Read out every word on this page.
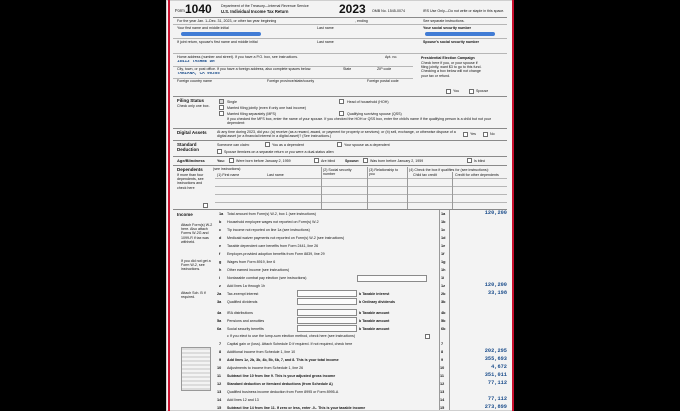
Form 1040	Department of the Treasury—Internal Revenue Service
U.S. Individual Income Tax Return	2023 OMB No. 1545-0074	IRS Use Only—Do not write or staple in this space.
For the year Jan. 1–Dec. 31, 2023, or other tax year beginning	, ending	See separate instructions.
Your first name and middle initial	Last name	Your social security number
If joint return, spouse's first name and middle initial	Last name	Spouse's social security number
Home address (number and street). If you have a P.O. box, see instructions.	Apt. no.
18413 TASHNE DR
City, town, or post office. If you have a foreign address, also complete spaces below.	State	ZIP code
TARZANA, CA 90355
Foreign country name	Foreign province/state/county	Foreign postal code
Presidential Election Campaign
Check here if you, or your spouse if filing jointly, want $3 to go to this fund. Checking a box below will not change your tax or refund.
You	Spouse
Filing Status
Check only one box.
Single
Married filing jointly (even if only one had income)
Married filing separately (MFS)
Head of household (HOH)
Qualifying surviving spouse (QSS)
If you checked the MFS box, enter the name of your spouse. If you checked the HOH or QSS box, enter the child's name if the qualifying person is a child but not your dependent:
Digital Assets	At any time during 2023, did you: (a) receive (as a reward, award, or payment for property or services); or (b) sell, exchange, or otherwise dispose of a digital asset (or a financial interest in a digital asset)? (See instructions.)
Yes	No
Standard Deduction
Someone can claim:	You as a dependent	Your spouse as a dependent
Spouse itemizes on a separate return or you were a dual-status alien
Age/Blindness	You:	Were born before January 2, 1959	Are blind	Spouse:	Was born before January 2, 1959	Is blind
Dependents	(see instructions):
If more than four dependents, see instructions and check here
(1) First name	Last name
(2) Social security number
(3) Relationship to you
(4) Check the box if qualifies for (see instructions):
Child tax credit	Credit for other dependents
Income
Attach Form(s) W-2 here. Also attach Forms W-2G and 1099-R if tax was withheld.
If you did not get a Form W-2, see instructions.
Attach Sch. B if required.
1a Total amount from Form(s) W-2, box 1 (see instructions)	1a	120,200
b Household employee wages not reported on Form(s) W-2	1b
c Tip income not reported on line 1a (see instructions)	1c
d Medicaid waiver payments not reported on Form(s) W-2 (see instructions)	1d
e Taxable dependent care benefits from Form 2441, line 26	1e
f Employer-provided adoption benefits from Form 8839, line 29	1f
g Wages from Form 8919, line 6	1g
h Other earned income (see instructions)	1h
i Nontaxable combat pay election (see instructions)	1i
z Add lines 1a through 1h	1z	120,200
2a Tax-exempt interest	b Taxable interest	2b	33,198
3a Qualified dividends	b Ordinary dividends	3b
4a IRA distributions	b Taxable amount	4b
5a Pensions and annuities	b Taxable amount	5b
6a Social security benefits	b Taxable amount	6b
c If you elect to use the lump-sum election method, check here (see instructions)
7 Capital gain or (loss). Attach Schedule D if required. If not required, check here	7
8 Additional income from Schedule 1, line 10	8	202,295
9 Add lines 1z, 2b, 3b, 4b, 5b, 6b, 7, and 8. This is your total income	9	355,693
10 Adjustments to income from Schedule 1, line 26	10	4,672
11 Subtract line 10 from line 9. This is your adjusted gross income	11	351,011
12 Standard deduction or itemized deductions (from Schedule A)	12	77,112
13 Qualified business income deduction from Form 8995 or Form 8995-A	13
14 Add lines 12 and 13	14	77,112
15 Subtract line 14 from line 11. If zero or less, enter -0-. This is your taxable income	15	273,899
